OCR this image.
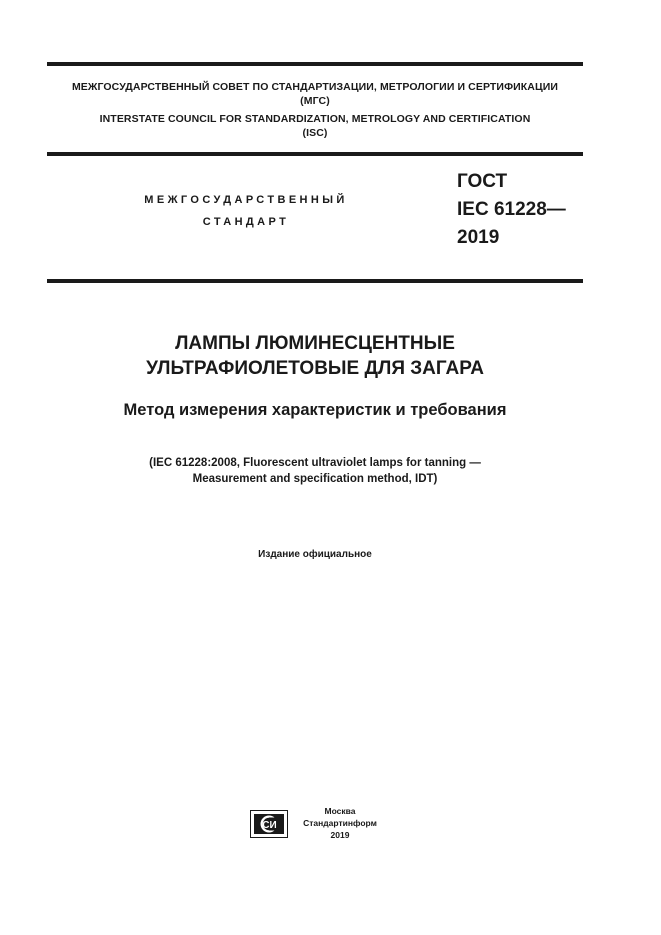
МЕЖГОСУДАРСТВЕННЫЙ СОВЕТ ПО СТАНДАРТИЗАЦИИ, МЕТРОЛОГИИ И СЕРТИФИКАЦИИ
(МГС)
INTERSTATE COUNCIL FOR STANDARDIZATION, METROLOGY AND CERTIFICATION
(ISC)
МЕЖГОСУДАРСТВЕННЫЙ
СТАНДАРТ
ГОСТ
IEC 61228—
2019
ЛАМПЫ ЛЮМИНЕСЦЕНТНЫЕ
УЛЬТРАФИОЛЕТОВЫЕ ДЛЯ ЗАГАРА
Метод измерения характеристик и требования
(IEC 61228:2008, Fluorescent ultraviolet lamps for tanning —
Measurement and specification method, IDT)
Издание официальное
СИ
Москва
Стандартинформ
2019
